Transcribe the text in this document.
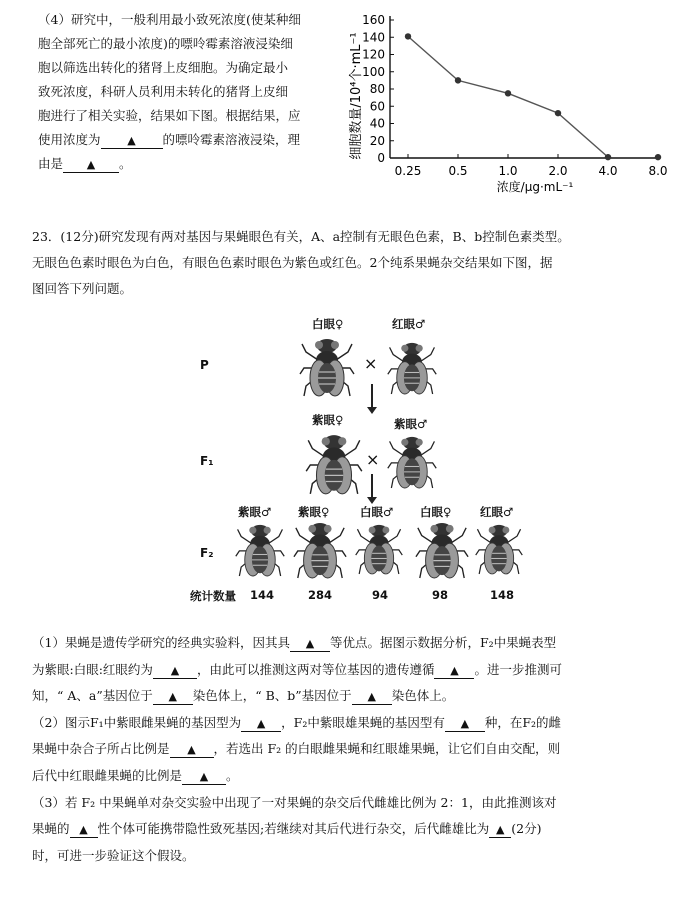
（4）研究中，一般利用最小致死浓度(使某种细
胞全部死亡的最小浓度)的嘌呤霉素溶液浸染细
胞以筛选出转化的猪肾上皮细胞。为确定最小
致死浓度，科研人员利用未转化的猪肾上皮细
胞进行了相关实验，结果如下图。根据结果，应
使用浓度为 ▲ 的嘌呤霉素溶液浸染，理
由是 ▲ 。
细胞数量/10⁴个·mL⁻¹ 0
20
40
60
80
100
120
140
160
0.25 0.5	1.0	2.0	4.0	8.0
浓度/μg·mL⁻¹
23．(12分)研究发现有两对基因与果蝇眼色有关，A、a控制有无眼色色素，B、b控制色素类型。
无眼色色素时眼色为白色，有眼色色素时眼色为紫色或红色。2个纯系果蝇杂交结果如下图，据
图回答下列问题。
P
F₁
F₂
白眼♀	红眼♂
×
紫眼♀	紫眼♂
×
紫眼♂ 紫眼♀	白眼♂ 白眼♀ 红眼♂
统计数量 144	284	94	98	148
（1）果蝇是遗传学研究的经典实验料，因其具 ▲ 等优点。据图示数据分析，F₂中果蝇表型
为紫眼:白眼:红眼约为 ▲ ，由此可以推测这两对等位基因的遗传遵循 ▲ 。进一步推测可
知，“ A、a”基因位于 ▲ 染色体上，“ B、b”基因位于 ▲ 染色体上。
（2）图示F₁中紫眼雌果蝇的基因型为 ▲ ，F₂中紫眼雄果蝇的基因型有 ▲ 种，在F₂的雌
果蝇中杂合子所占比例是 ▲ ，若选出 F₂ 的白眼雌果蝇和红眼雄果蝇，让它们自由交配，则
后代中红眼雌果蝇的比例是 ▲ 。
（3）若 F₂ 中果蝇单对杂交实验中出现了一对果蝇的杂交后代雌雄比例为 2：1，由此推测该对
果蝇的 ▲ 性个体可能携带隐性致死基因;若继续对其后代进行杂交，后代雌雄比为 ▲ (2分)
时，可进一步验证这个假设。
